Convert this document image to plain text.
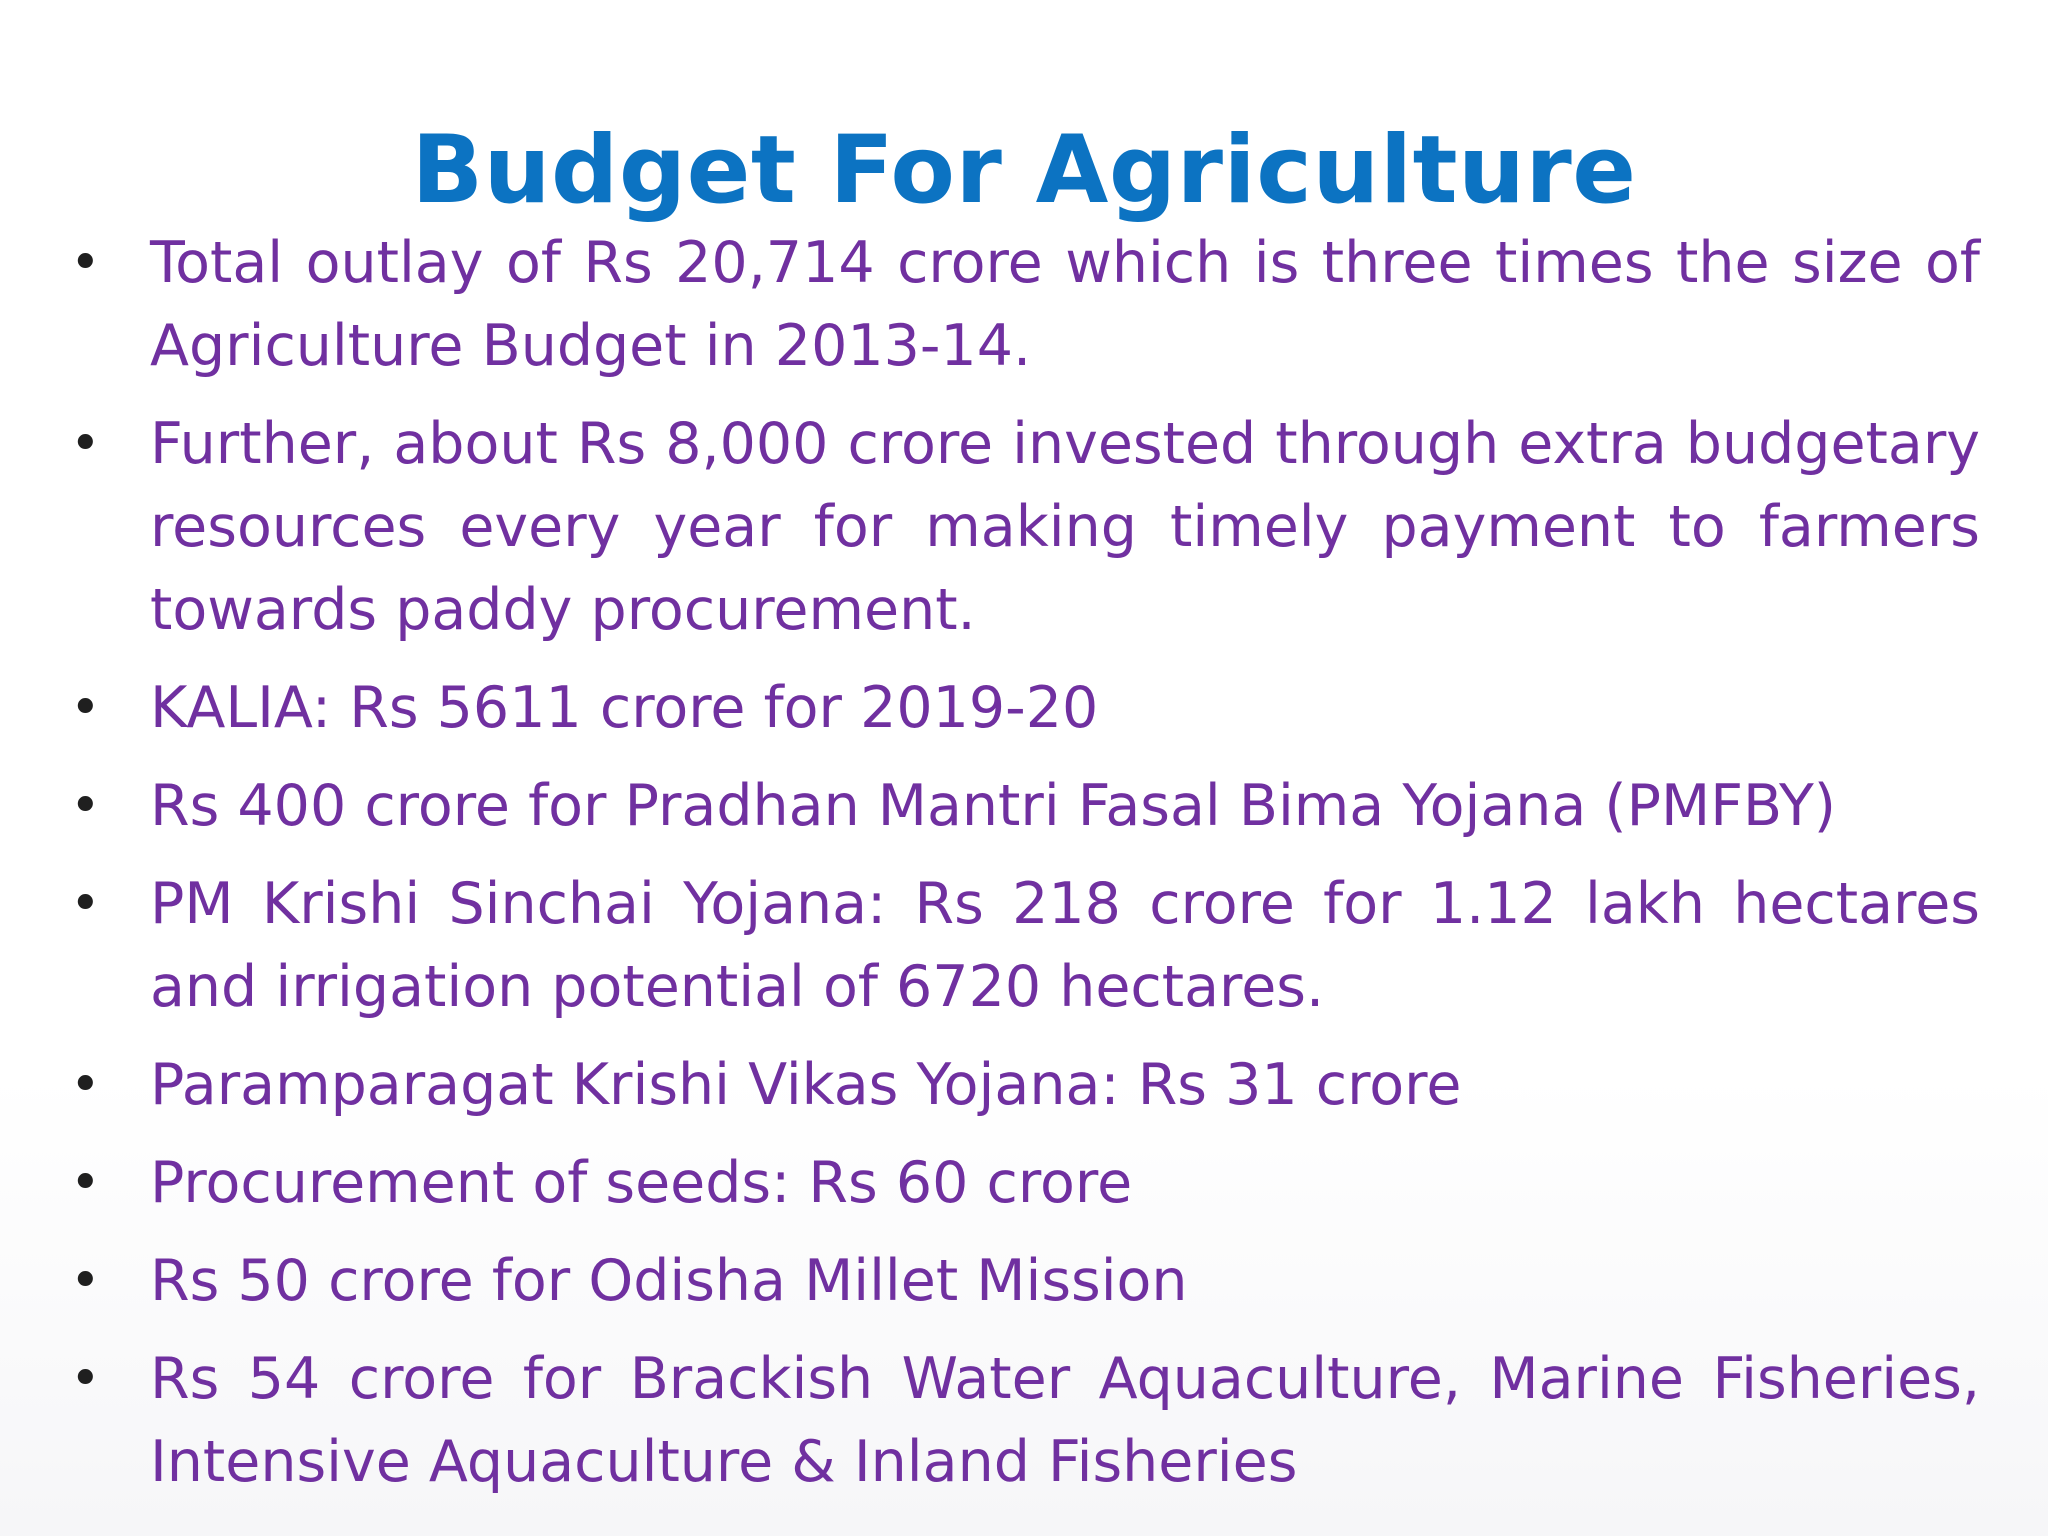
Budget For Agriculture
• Total outlay of Rs 20,714 crore which is three times the size of Agriculture Budget in 2013-14.
• Further, about Rs 8,000 crore invested through extra budgetary resources every year for making timely payment to farmers towards paddy procurement.
• KALIA: Rs 5611 crore for 2019-20
• Rs 400 crore for Pradhan Mantri Fasal Bima Yojana (PMFBY)
• PM Krishi Sinchai Yojana: Rs 218 crore for 1.12 lakh hectares and irrigation potential of 6720 hectares.
• Paramparagat Krishi Vikas Yojana: Rs 31 crore
• Procurement of seeds: Rs 60 crore
• Rs 50 crore for Odisha Millet Mission
• Rs 54 crore for Brackish Water Aquaculture, Marine Fisheries, Intensive Aquaculture & Inland Fisheries
